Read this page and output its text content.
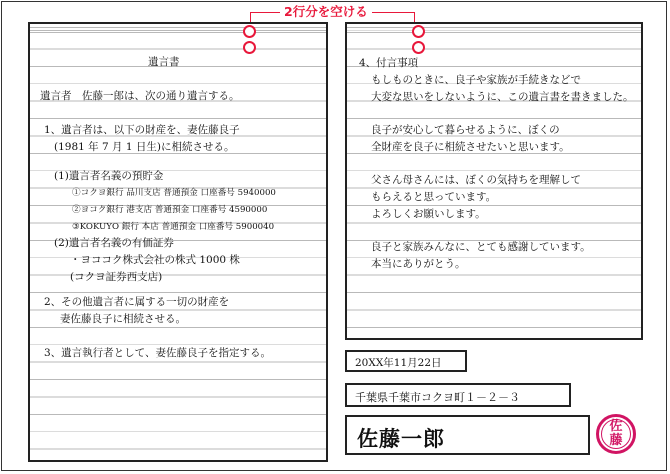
2行分を空ける
遺言書
遺言者　佐藤一郎は、次の通り遺言する。
1、遺言者は、以下の財産を、妻佐藤良子
(1981 年 7 月 1 日生)に相続させる。
(1)遺言者名義の預貯金
①コクヨ銀行 品川支店 普通預金 口座番号 5940000
②ヨコク銀行 港支店 普通預金 口座番号 4590000
③KOKUYO 銀行 本店 普通預金 口座番号 5900040
(2)遺言者名義の有価証券
・ヨココク株式会社の株式 1000 株
(コクヨ証券西支店)
2、その他遺言者に属する一切の財産を
妻佐藤良子に相続させる。
3、遺言執行者として、妻佐藤良子を指定する。
4、付言事項
もしものときに、良子や家族が手続きなどで
大変な思いをしないように、この遺言書を書きました。
良子が安心して暮らせるように、ぼくの
全財産を良子に相続させたいと思います。
父さん母さんには、ぼくの気持ちを理解して
もらえると思っています。
よろしくお願いします。
良子と家族みんなに、とても感謝しています。
本当にありがとう。
20XX年11月22日
千葉県千葉市コクヨ町１－２－３
佐藤一郎	佐
藤
